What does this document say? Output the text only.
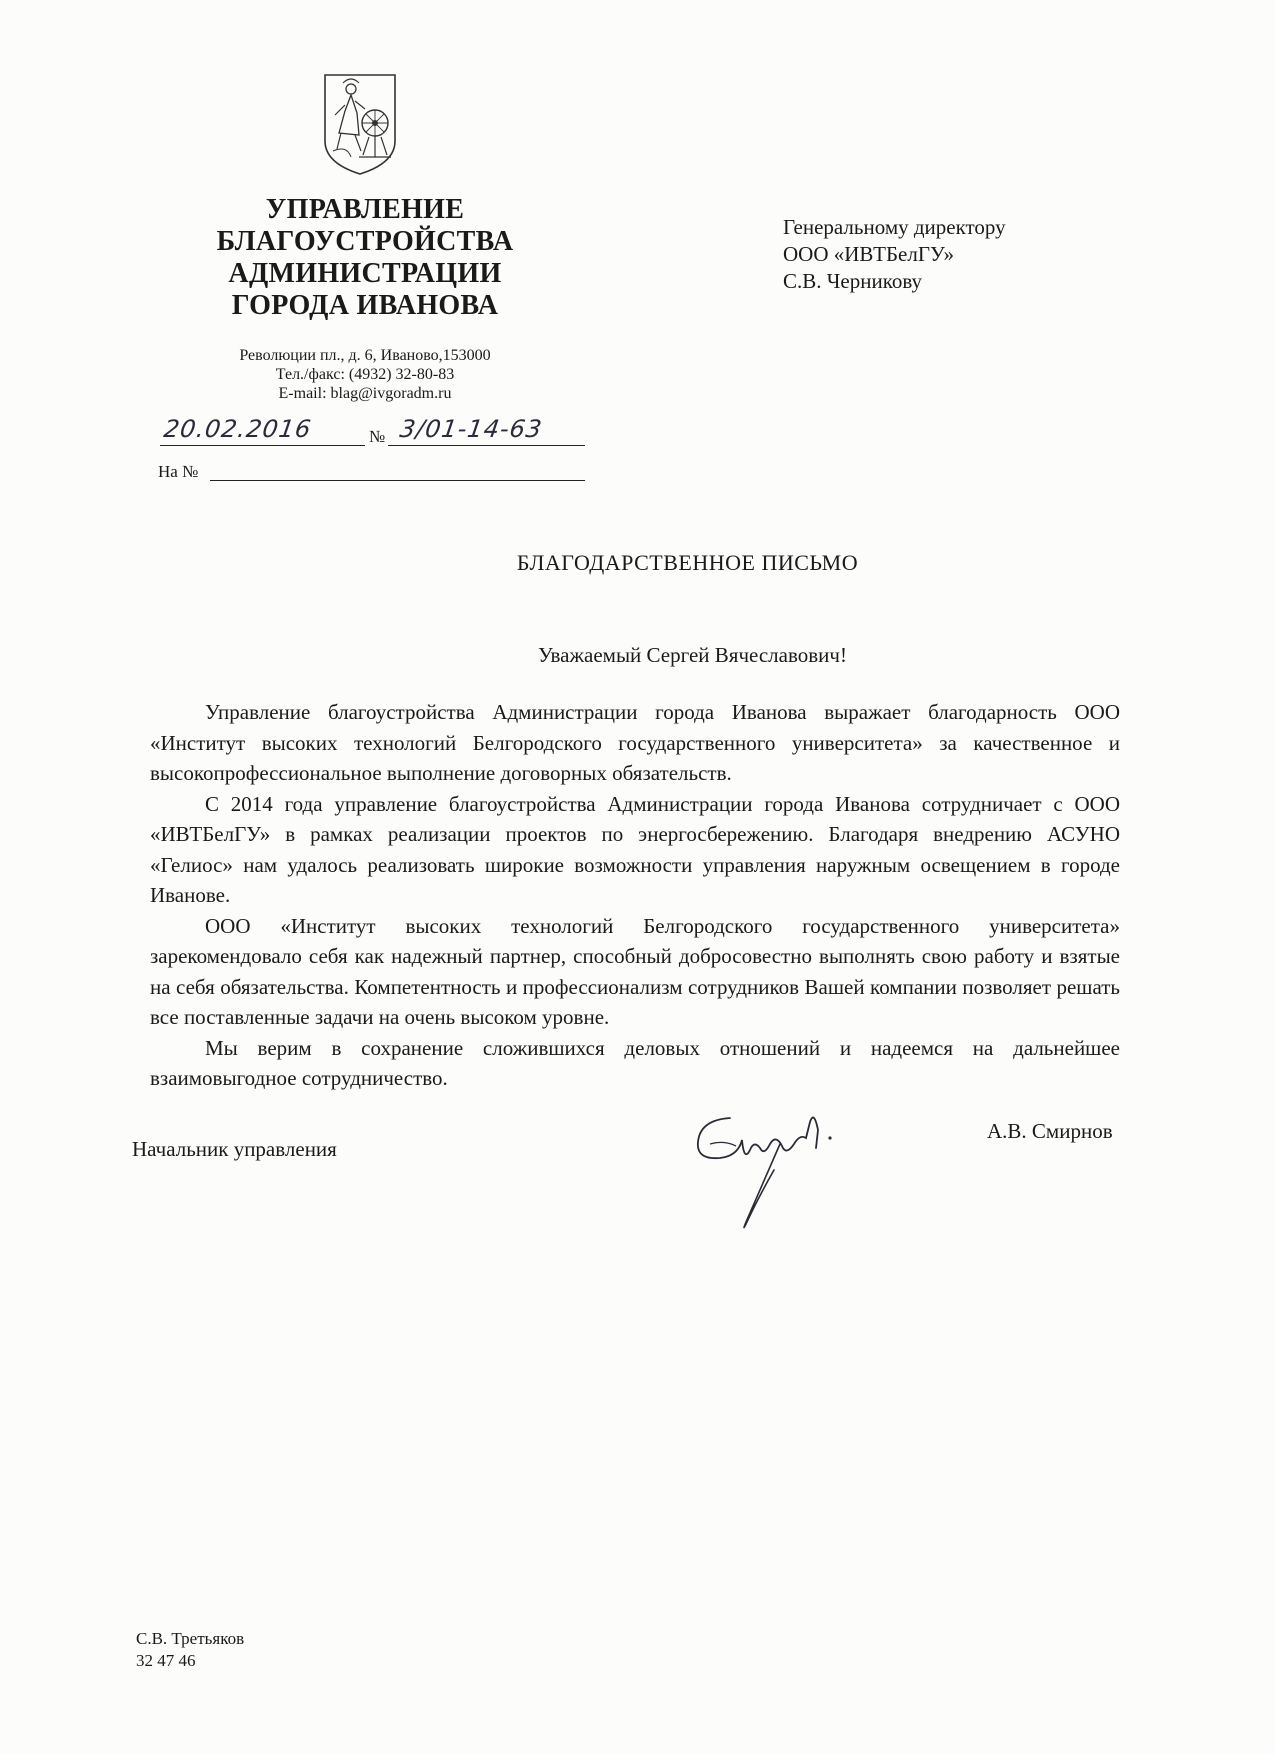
УПРАВЛЕНИЕ
БЛАГОУСТРОЙСТВА
АДМИНИСТРАЦИИ
ГОРОДА ИВАНОВА
Революции пл., д. 6, Иваново,153000
Тел./факс: (4932) 32-80-83
E-mail: blag@ivgoradm.ru
20.02.2016	№ 3/01-14-63
На №
Генеральному директору
ООО «ИВТБелГУ»
С.В. Черникову
БЛАГОДАРСТВЕННОЕ ПИСЬМО
Уважаемый Сергей Вячеславович!

Управление благоустройства Администрации города Иванова выражает благодарность ООО «Институт высоких технологий Белгородского государственного университета» за качественное и высокопрофессиональное выполнение договорных обязательств.

С 2014 года управление благоустройства Администрации города Иванова сотрудничает с ООО «ИВТБелГУ» в рамках реализации проектов по энергосбережению. Благодаря внедрению АСУНО «Гелиос» нам удалось реализовать широкие возможности управления наружным освещением в городе Иванове.

ООО «Институт высоких технологий Белгородского государственного университета» зарекомендовало себя как надежный партнер, способный добросовестно выполнять свою работу и взятые на себя обязательства. Компетентность и профессионализм сотрудников Вашей компании позволяет решать все поставленные задачи на очень высоком уровне.

Мы верим в сохранение сложившихся деловых отношений и надеемся на дальнейшее взаимовыгодное сотрудничество.

Начальник управления
А.В. Смирнов
С.В. Третьяков
32 47 46
